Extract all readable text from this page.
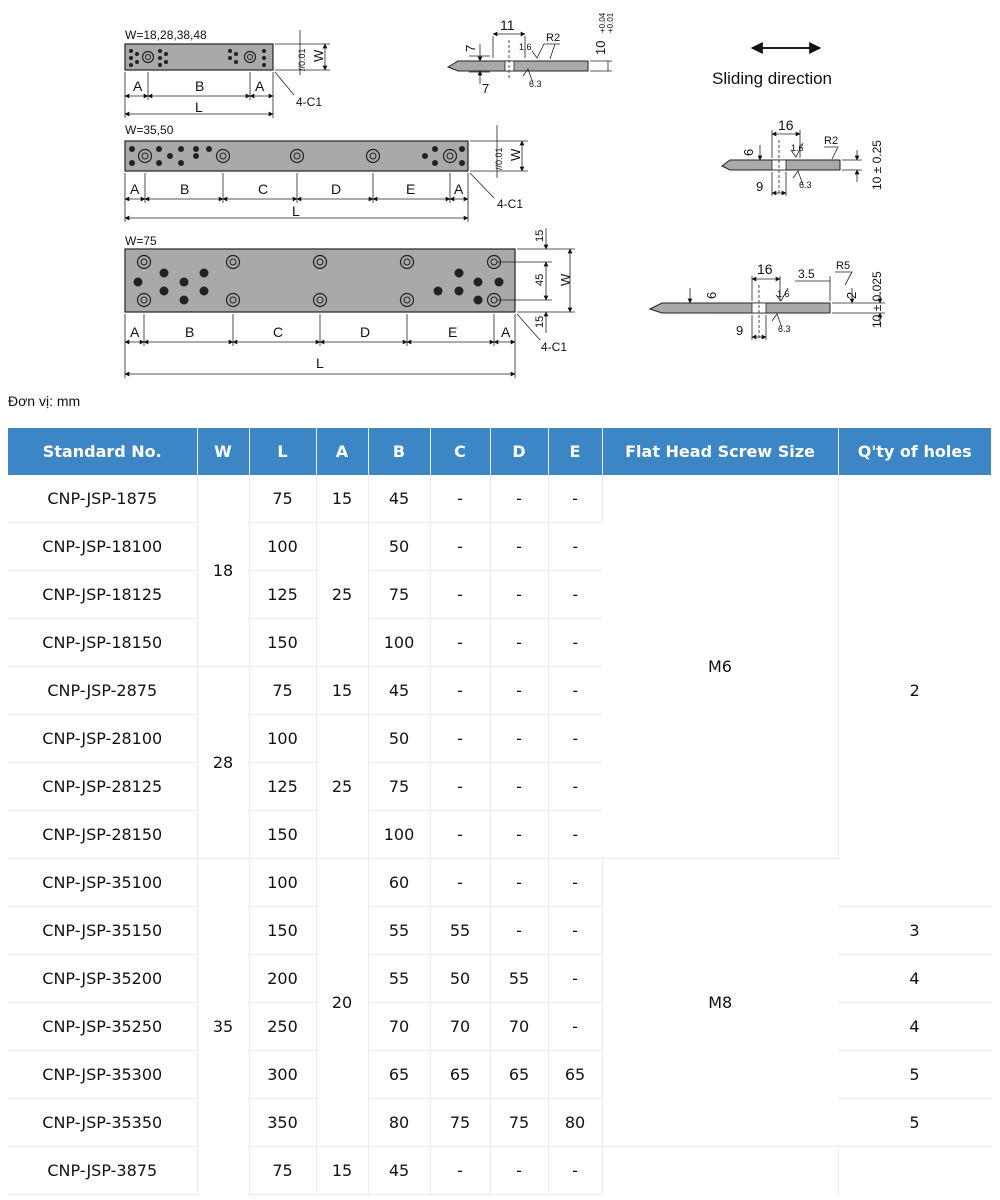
W=18,28,38,48
A	B	A
L	4-C1
W
//0.01
W=35,50
A	B	C	D	E	A
L	4-C1
W
//0.01
W=75
A	B	C	D	E	A
L
4-C1
W
15
45
15
11
R2
1.6
7
7	6.3
10
+0.04 +0.01
Sliding direction
16
R2
1.6
6
9	6.3	10 ± 0.25
16 3.5
R5
1.6
6	2
9	6.3
10 ± 0.025
Đơn vị: mm
Standard No.	W	L	A	B	C	D	E	Flat Head Screw Size	Q'ty of holes
CNP-JSP-1875	18	75	15	45	-	-	-	M6	2
CNP-JSP-18100		100	25	50	-	-	-		
CNP-JSP-18125		125		75	-	-	-		
CNP-JSP-18150		150		100	-	-	-		
CNP-JSP-2875	28	75	15	45	-	-	-		
CNP-JSP-28100		100	25	50	-	-	-		
CNP-JSP-28125		125		75	-	-	-		
CNP-JSP-28150		150		100	-	-	-		
CNP-JSP-35100	35	100	20	60	-	-	-	M8	
CNP-JSP-35150		150		55	55	-	-		3
CNP-JSP-35200		200		55	50	55	-		4
CNP-JSP-35250		250		70	70	70	-		4
CNP-JSP-35300		300		65	65	65	65		5
CNP-JSP-35350		350		80	75	75	80		5
CNP-JSP-3875		75	15	45	-	-	-		
